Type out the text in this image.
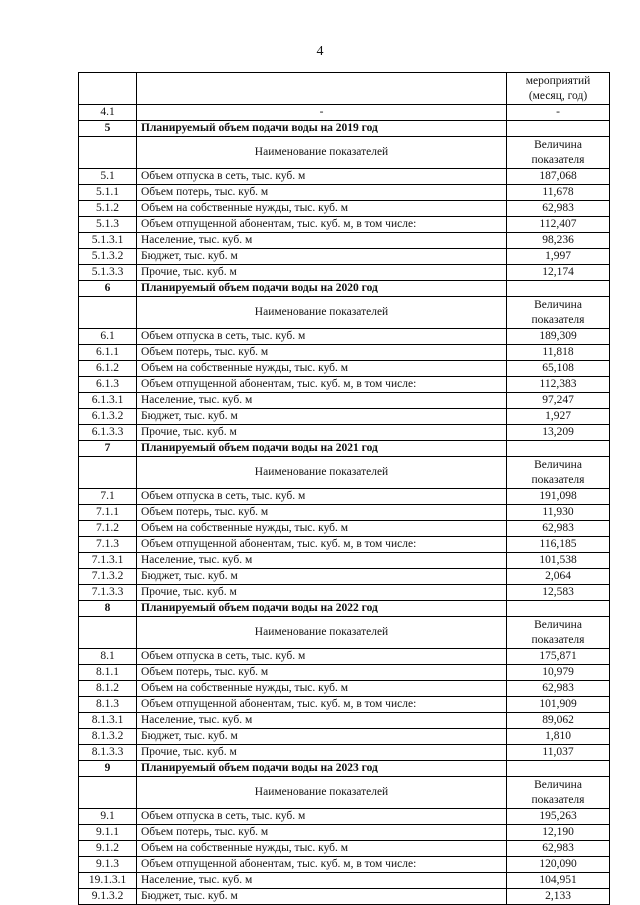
4
		мероприятий (месяц, год)
4.1	-	-
5	Планируемый объем подачи воды на 2019 год	
	Наименование показателей	Величина показателя
5.1	Объем отпуска в сеть, тыс. куб. м	187,068
5.1.1	Объем потерь, тыс. куб. м	11,678
5.1.2	Объем на собственные нужды, тыс. куб. м	62,983
5.1.3	Объем отпущенной абонентам, тыс. куб. м, в том числе:	112,407
5.1.3.1	Население, тыс. куб. м	98,236
5.1.3.2	Бюджет, тыс. куб. м	1,997
5.1.3.3	Прочие, тыс. куб. м	12,174
6	Планируемый объем подачи воды на 2020 год	
	Наименование показателей	Величина показателя
6.1	Объем отпуска в сеть, тыс. куб. м	189,309
6.1.1	Объем потерь, тыс. куб. м	11,818
6.1.2	Объем на собственные нужды, тыс. куб. м	65,108
6.1.3	Объем отпущенной абонентам, тыс. куб. м, в том числе:	112,383
6.1.3.1	Население, тыс. куб. м	97,247
6.1.3.2	Бюджет, тыс. куб. м	1,927
6.1.3.3	Прочие, тыс. куб. м	13,209
7	Планируемый объем подачи воды на 2021 год	
	Наименование показателей	Величина показателя
7.1	Объем отпуска в сеть, тыс. куб. м	191,098
7.1.1	Объем потерь, тыс. куб. м	11,930
7.1.2	Объем на собственные нужды, тыс. куб. м	62,983
7.1.3	Объем отпущенной абонентам, тыс. куб. м, в том числе:	116,185
7.1.3.1	Население, тыс. куб. м	101,538
7.1.3.2	Бюджет, тыс. куб. м	2,064
7.1.3.3	Прочие, тыс. куб. м	12,583
8	Планируемый объем подачи воды на 2022 год	
	Наименование показателей	Величина показателя
8.1	Объем отпуска в сеть, тыс. куб. м	175,871
8.1.1	Объем потерь, тыс. куб. м	10,979
8.1.2	Объем на собственные нужды, тыс. куб. м	62,983
8.1.3	Объем отпущенной абонентам, тыс. куб. м, в том числе:	101,909
8.1.3.1	Население, тыс. куб. м	89,062
8.1.3.2	Бюджет, тыс. куб. м	1,810
8.1.3.3	Прочие, тыс. куб. м	11,037
9	Планируемый объем подачи воды на 2023 год	
	Наименование показателей	Величина показателя
9.1	Объем отпуска в сеть, тыс. куб. м	195,263
9.1.1	Объем потерь, тыс. куб. м	12,190
9.1.2	Объем на собственные нужды, тыс. куб. м	62,983
9.1.3	Объем отпущенной абонентам, тыс. куб. м, в том числе:	120,090
19.1.3.1	Население, тыс. куб. м	104,951
9.1.3.2	Бюджет, тыс. куб. м	2,133
